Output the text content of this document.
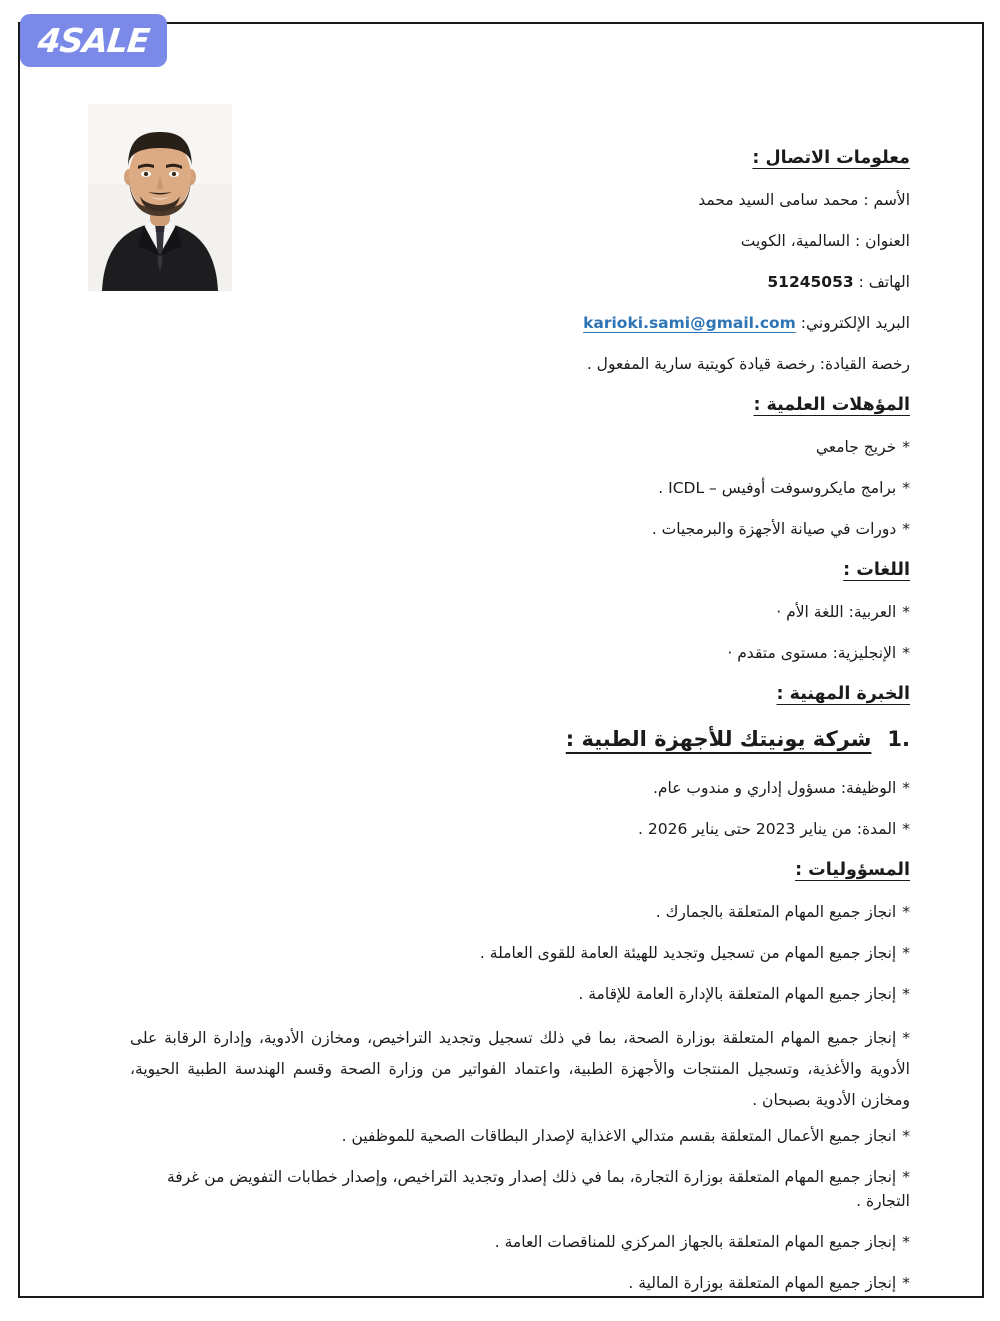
4SALE

معلومات الاتصال :

الأسم : محمد سامى السيد محمد

العنوان : السالمية، الكويت

الهاتف : 51245053

البريد الإلكتروني: karioki.sami@gmail.com

رخصة القيادة: رخصة قيادة كويتية سارية المفعول .

المؤهلات العلمية :

*خريج جامعي

*برامج مايكروسوفت أوفيس – ICDL .

*دورات في صيانة الأجهزة والبرمجيات .

اللغات :

*العربية: اللغة الأم ·

*الإنجليزية: مستوى متقدم ·

الخبرة المهنية :

1.شركة يونيتك للأجهزة الطبية :

*الوظيفة: مسؤول إداري و مندوب عام.

*المدة: من يناير 2023 حتى يناير 2026 .

المسؤوليات :

*انجاز جميع المهام المتعلقة بالجمارك .

*إنجاز جميع المهام من تسجيل وتجديد للهيئة العامة للقوى العاملة .

*إنجاز جميع المهام المتعلقة بالإدارة العامة للإقامة .

*إنجاز جميع المهام المتعلقة بوزارة الصحة، بما في ذلك تسجيل وتجديد التراخيص، ومخازن الأدوية، وإدارة الرقابة على الأدوية والأغذية، وتسجيل المنتجات والأجهزة الطبية، واعتماد الفواتير من وزارة الصحة وقسم الهندسة الطبية الحيوية، ومخازن الأدوية بصبحان .

*انجاز جميع الأعمال المتعلقة بقسم متدالي الاغذاية لإصدار البطاقات الصحية للموظفين .

*إنجاز جميع المهام المتعلقة بوزارة التجارة، بما في ذلك إصدار وتجديد التراخيص، وإصدار خطابات التفويض من غرفة التجارة .

*إنجاز جميع المهام المتعلقة بالجهاز المركزي للمناقصات العامة .

*إنجاز جميع المهام المتعلقة بوزارة المالية .
